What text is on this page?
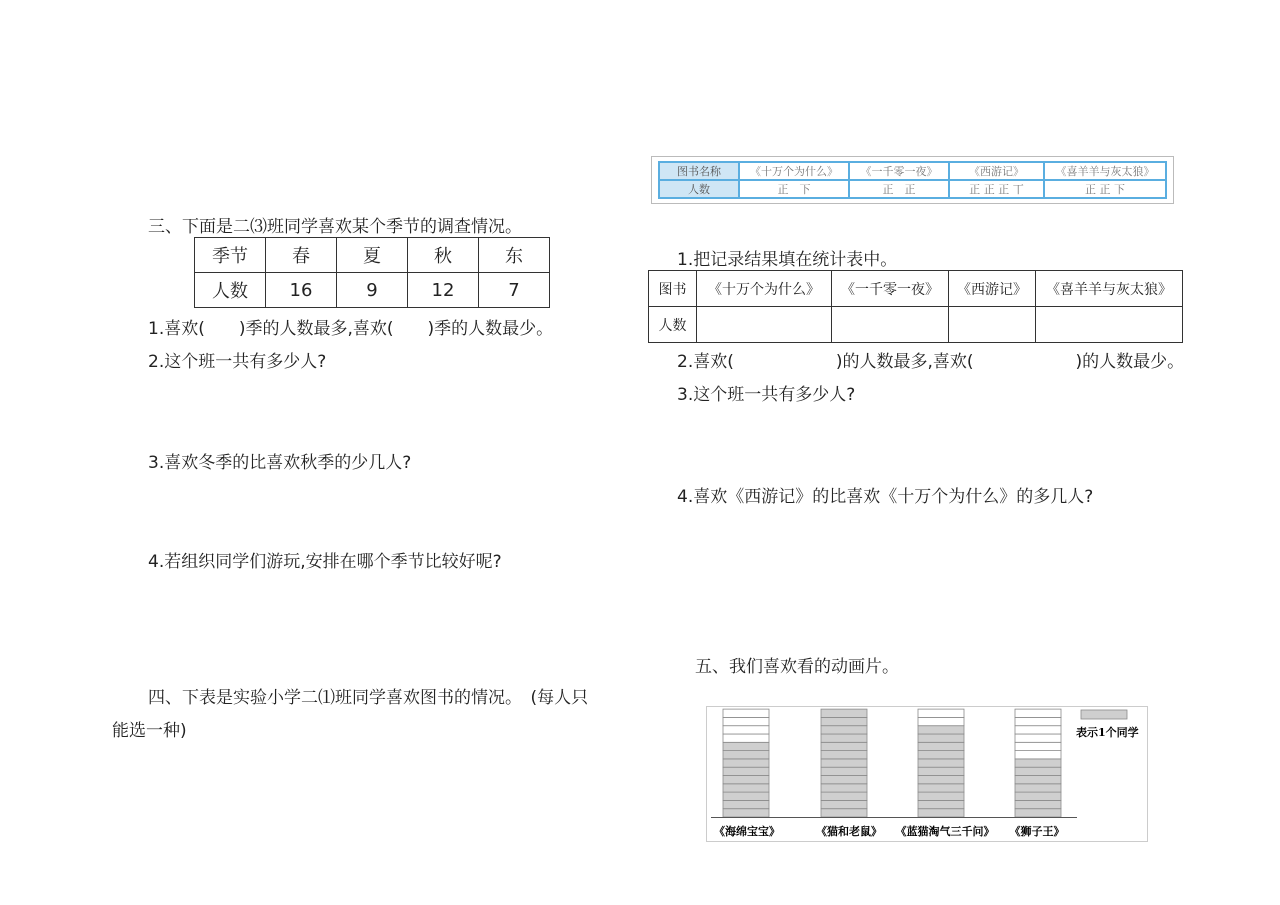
三、下面是二⑶班同学喜欢某个季节的调查情况。
季节	春	夏	秋	东
人数	16	9	12	7
1.喜欢(　　)季的人数最多,喜欢(　　)季的人数最少。
2.这个班一共有多少人?
3.喜欢冬季的比喜欢秋季的少几人?
4.若组织同学们游玩,安排在哪个季节比较好呢?
四、下表是实验小学二⑴班同学喜欢图书的情况。　(每人只
能选一种)
图书名称	《十万个为什么》	《一千零一夜》	《西游记》	《喜羊羊与灰太狼》
人数	正　下	正　正	正 正 正 丅	正 正 下
1.把记录结果填在统计表中。
图书	《十万个为什么》	《一千零一夜》	《西游记》	《喜羊羊与灰太狼》
人数				
2.喜欢(　　　　　　)的人数最多,喜欢(　　　　　　)的人数最少。
3.这个班一共有多少人?
4.喜欢《西游记》的比喜欢《十万个为什么》的多几人?
五、我们喜欢看的动画片。
《海绵宝宝》	《猫和老鼠》 《蓝猫淘气三千问》 《狮子王》
表示1个同学
